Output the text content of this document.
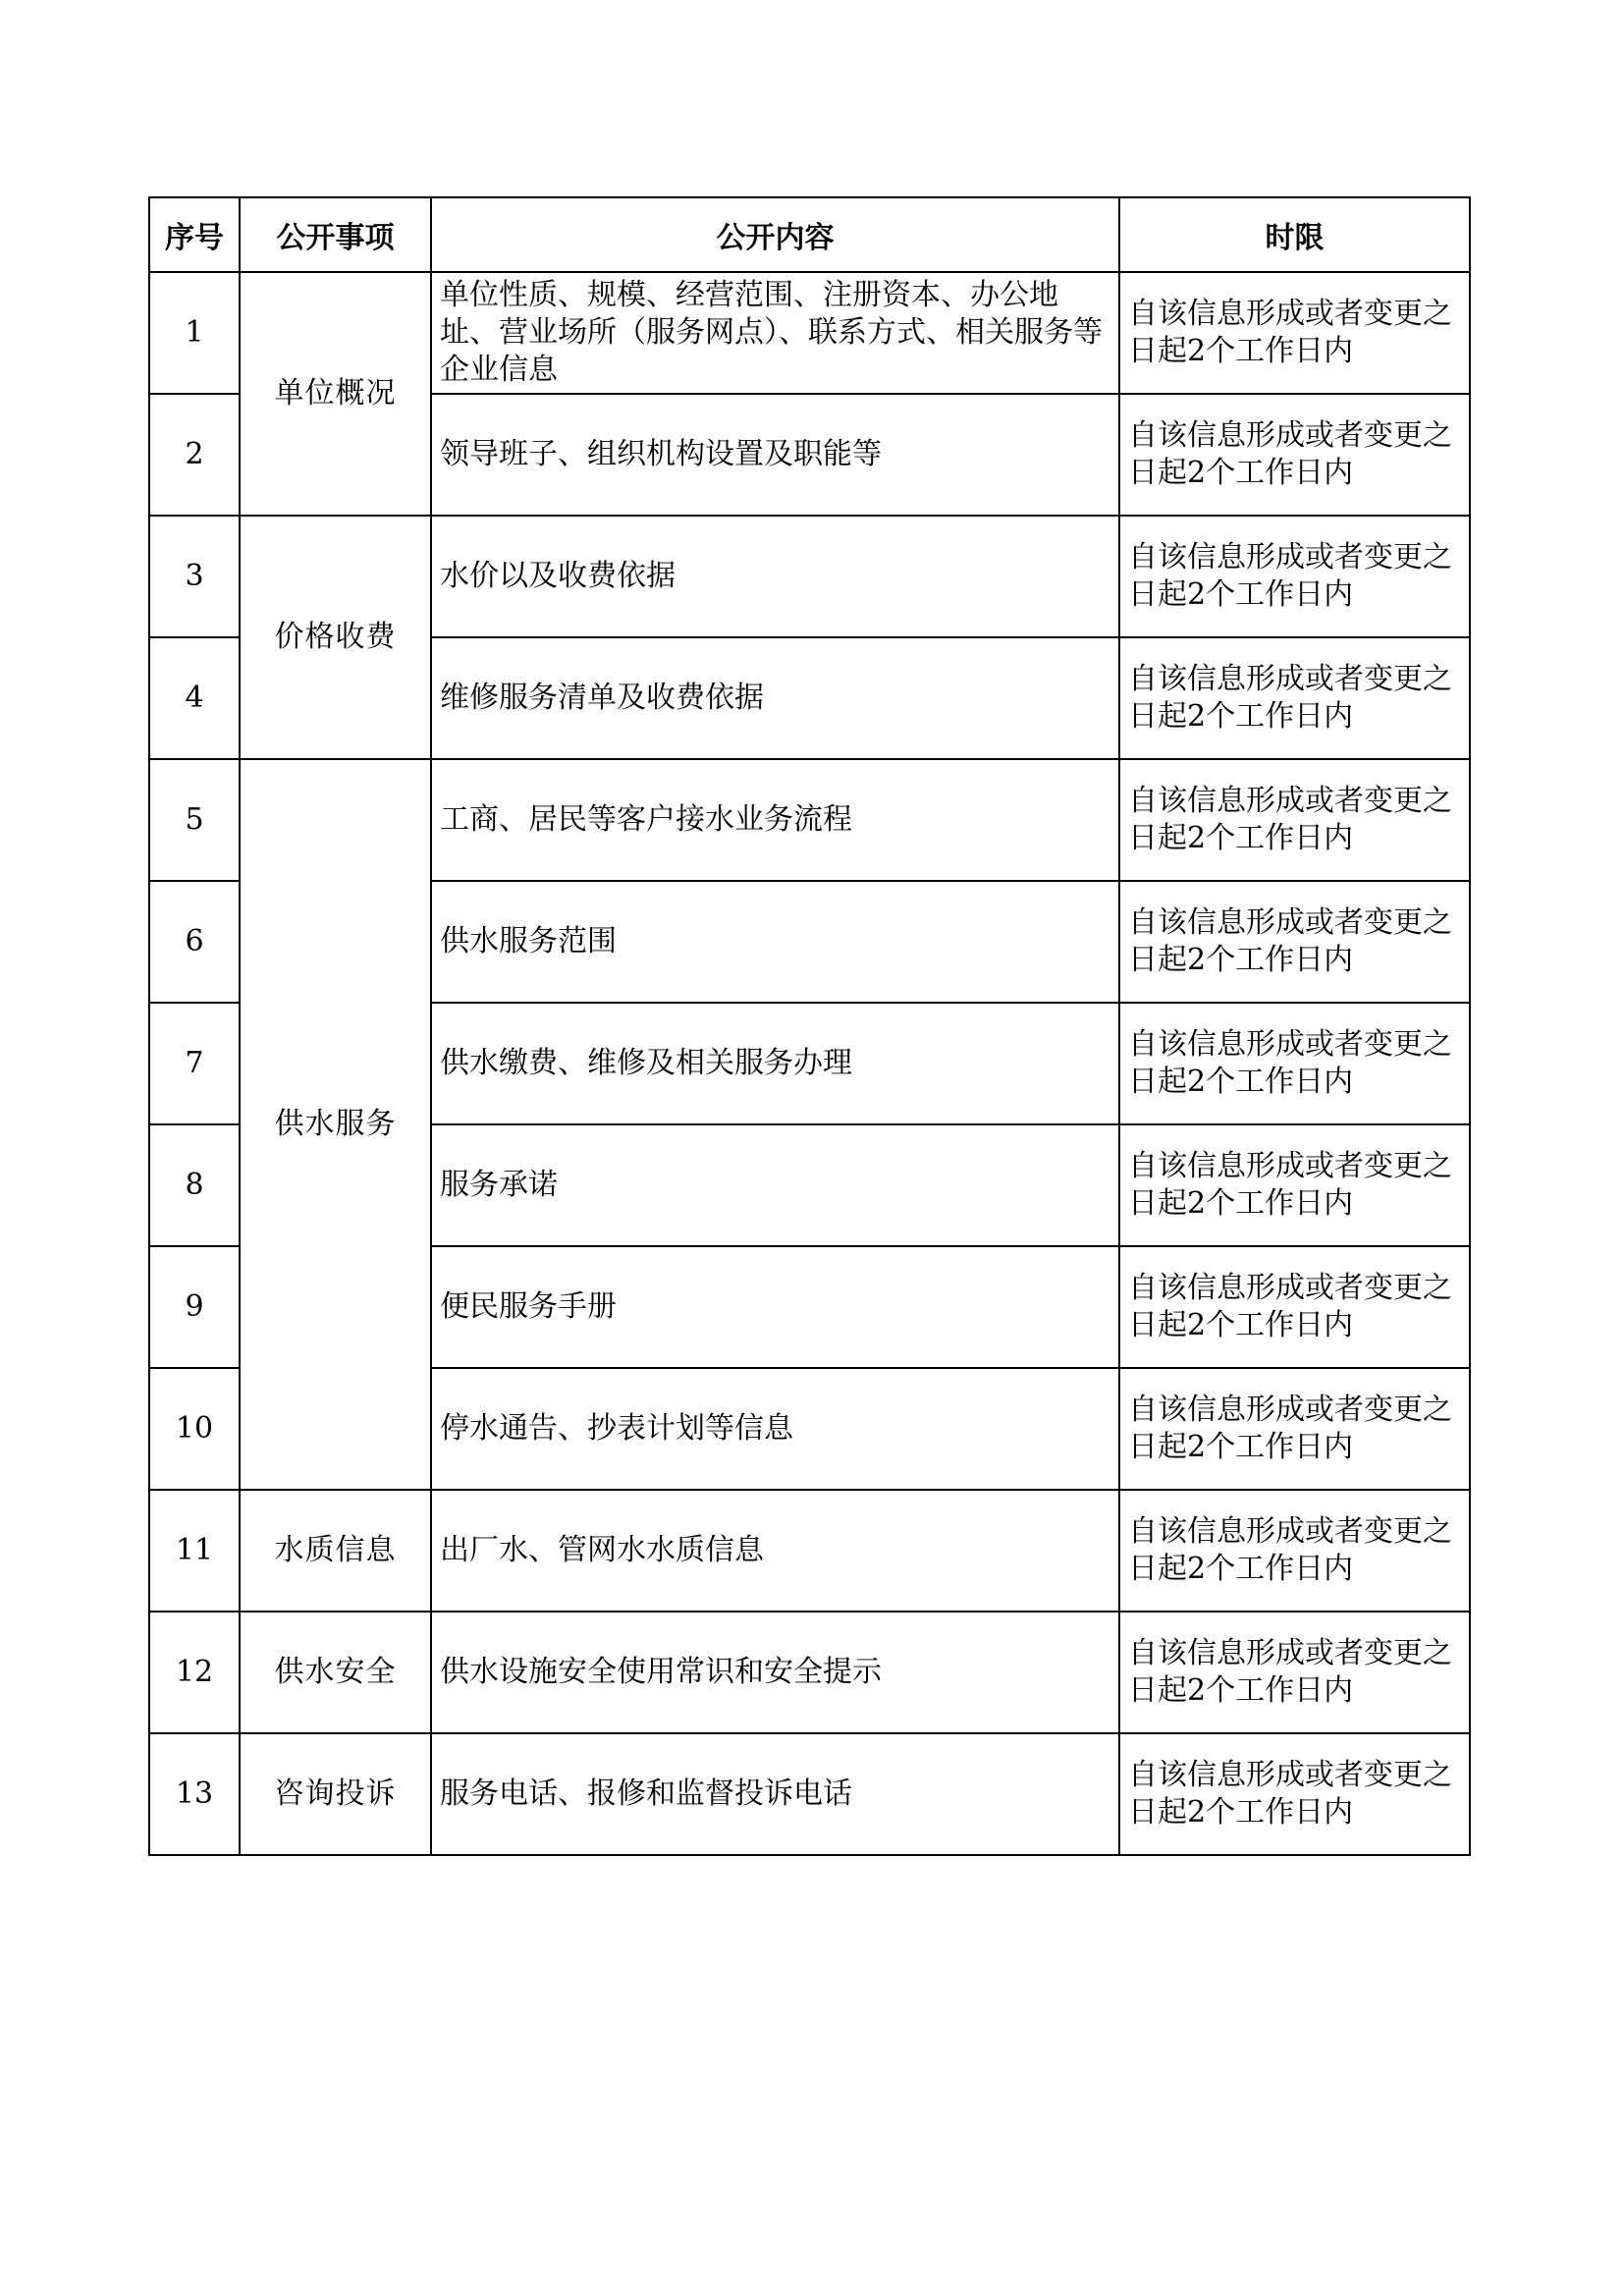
序号	公开事项	公开内容	时限
1	单位概况	单位性质、规模、经营范围、注册资本、办公地址、营业场所（服务网点）、联系方式、相关服务等企业信息	自该信息形成或者变更之日起2个工作日内
2		领导班子、组织机构设置及职能等	自该信息形成或者变更之日起2个工作日内
3	价格收费	水价以及收费依据	自该信息形成或者变更之日起2个工作日内
4		维修服务清单及收费依据	自该信息形成或者变更之日起2个工作日内
5	供水服务	工商、居民等客户接水业务流程	自该信息形成或者变更之日起2个工作日内
6		供水服务范围	自该信息形成或者变更之日起2个工作日内
7		供水缴费、维修及相关服务办理	自该信息形成或者变更之日起2个工作日内
8		服务承诺	自该信息形成或者变更之日起2个工作日内
9		便民服务手册	自该信息形成或者变更之日起2个工作日内
10		停水通告、抄表计划等信息	自该信息形成或者变更之日起2个工作日内
11	水质信息	出厂水、管网水水质信息	自该信息形成或者变更之日起2个工作日内
12	供水安全	供水设施安全使用常识和安全提示	自该信息形成或者变更之日起2个工作日内
13	咨询投诉	服务电话、报修和监督投诉电话	自该信息形成或者变更之日起2个工作日内
